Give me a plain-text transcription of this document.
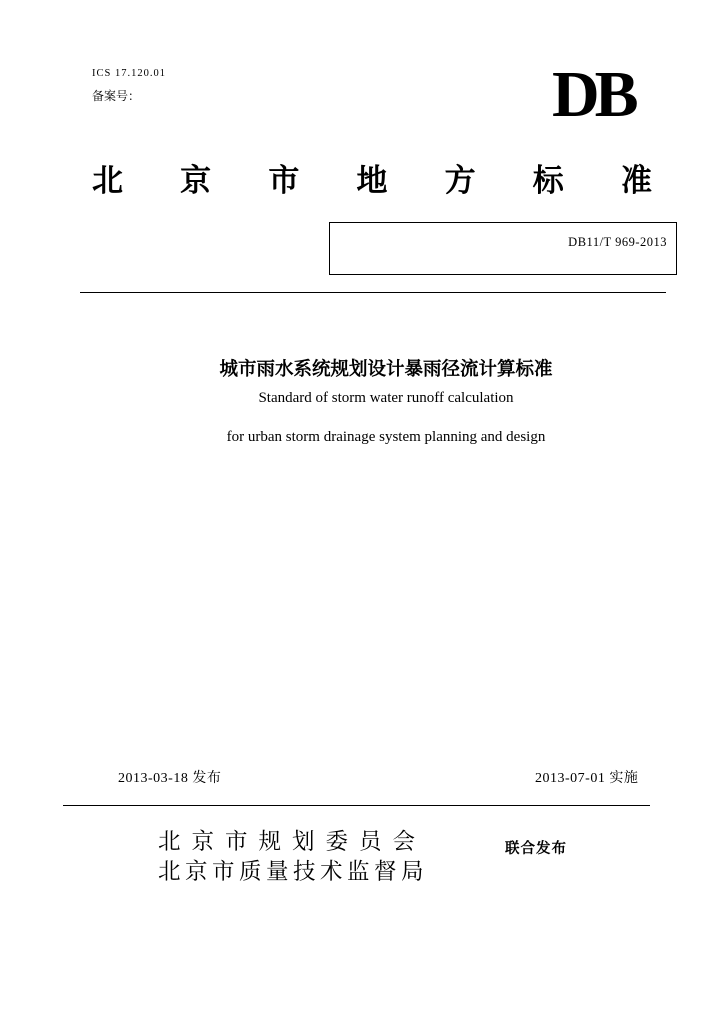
ICS 17.120.01
备案号：	DB
北 京 市 地 方 标 准
DB11/T 969-2013
城市雨水系统规划设计暴雨径流计算标准
Standard of storm water runoff calculation
for urban storm drainage system planning and design
2013-03-18 发布	2013-07-01 实施
北京市规划委员会
北京市质量技术监督局
联合发布
